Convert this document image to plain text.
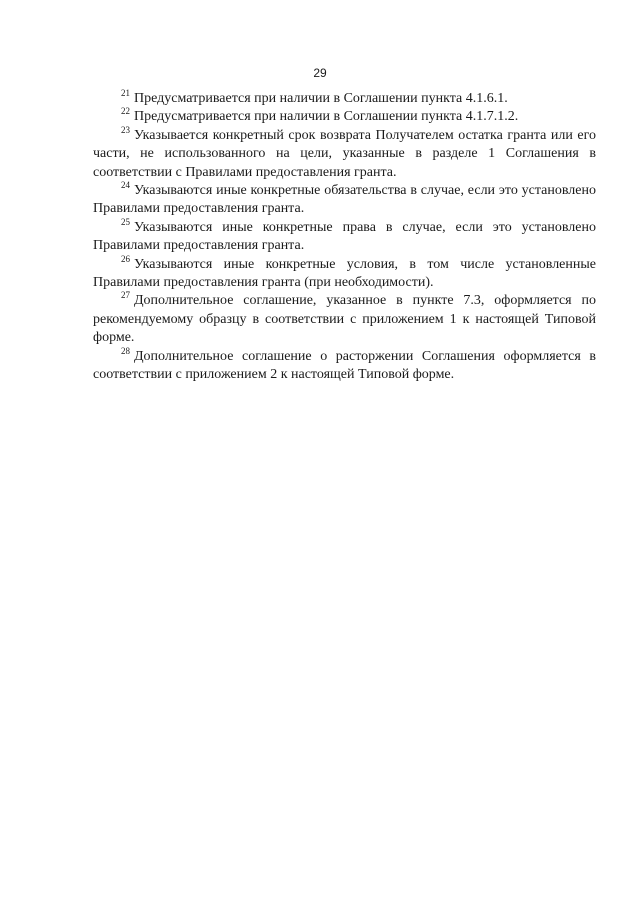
29

$^{21}$ Предусматривается при наличии в Соглашении пункта 4.1.6.1.

$^{22}$ Предусматривается при наличии в Соглашении пункта 4.1.7.1.2.

$^{23}$ Указывается конкретный срок возврата Получателем остатка гранта или его части, не использованного на цели, указанные в разделе 1 Соглашения в соответствии с Правилами предоставления гранта.

$^{24}$ Указываются иные конкретные обязательства в случае, если это установлено Правилами предоставления гранта.

$^{25}$ Указываются иные конкретные права в случае, если это установлено Правилами предоставления гранта.

$^{26}$ Указываются иные конкретные условия, в том числе установленные Правилами предоставления гранта (при необходимости).

$^{27}$ Дополнительное соглашение, указанное в пункте 7.3, оформляется по рекомендуемому образцу в соответствии с приложением 1 к настоящей Типовой форме.

$^{28}$ Дополнительное соглашение о расторжении Соглашения оформляется в соответствии с приложением 2 к настоящей Типовой форме.
